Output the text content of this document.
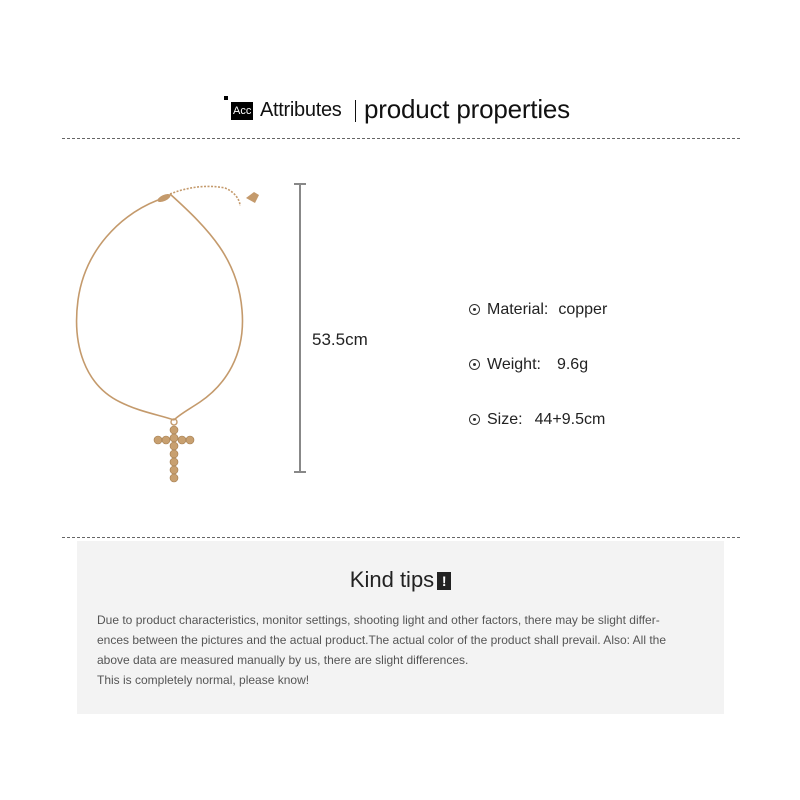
Acc Attributes product properties
53.5cm
Material: copper
Weight: 9.6g
Size: 44+9.5cm
Kind tips !

Due to product characteristics, monitor settings, shooting light and other factors, there may be slight differ-

ences between the pictures and the actual product.The actual color of the product shall prevail. Also: All the

above data are measured manually by us, there are slight differences.

This is completely normal, please know!
